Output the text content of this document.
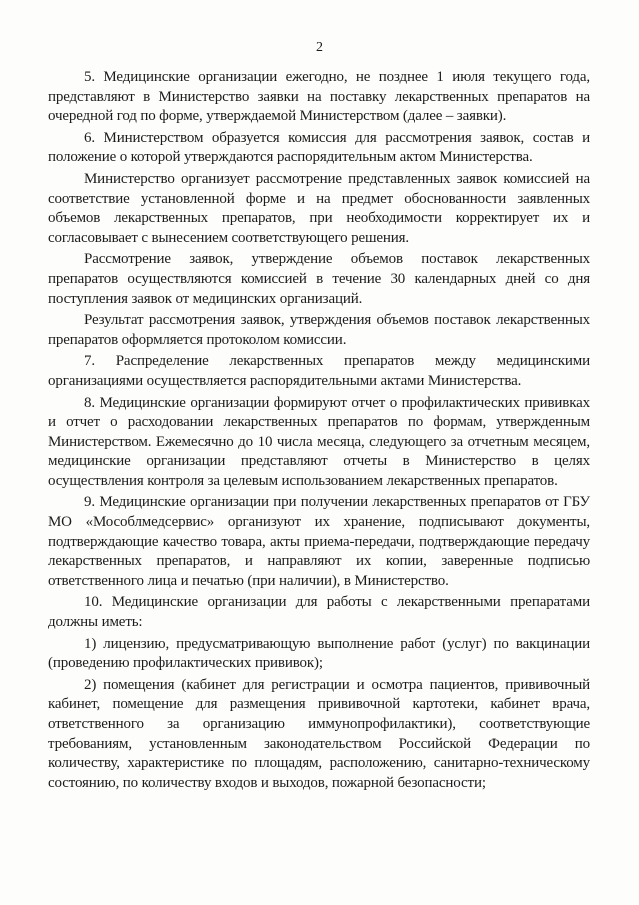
2

5. Медицинские организации ежегодно, не позднее 1 июля текущего года, представляют в Министерство заявки на поставку лекарственных препаратов на очередной год по форме, утверждаемой Министерством (далее – заявки).

6. Министерством образуется комиссия для рассмотрения заявок, состав и положение о которой утверждаются распорядительным актом Министерства.

Министерство организует рассмотрение представленных заявок комиссией на соответствие установленной форме и на предмет обоснованности заявленных объемов лекарственных препаратов, при необходимости корректирует их и согласовывает с вынесением соответствующего решения.

Рассмотрение заявок, утверждение объемов поставок лекарственных препаратов осуществляются комиссией в течение 30 календарных дней со дня поступления заявок от медицинских организаций.

Результат рассмотрения заявок, утверждения объемов поставок лекарственных препаратов оформляется протоколом комиссии.

7. Распределение лекарственных препаратов между медицинскими организациями осуществляется распорядительными актами Министерства.

8. Медицинские организации формируют отчет о профилактических прививках и отчет о расходовании лекарственных препаратов по формам, утвержденным Министерством. Ежемесячно до 10 числа месяца, следующего за отчетным месяцем, медицинские организации представляют отчеты в Министерство в целях осуществления контроля за целевым использованием лекарственных препаратов.

9. Медицинские организации при получении лекарственных препаратов от ГБУ МО «Мособлмедсервис» организуют их хранение, подписывают документы, подтверждающие качество товара, акты приема-передачи, подтверждающие передачу лекарственных препаратов, и направляют их копии, заверенные подписью ответственного лица и печатью (при наличии), в Министерство.

10. Медицинские организации для работы с лекарственными препаратами должны иметь:

1) лицензию, предусматривающую выполнение работ (услуг) по вакцинации (проведению профилактических прививок);

2) помещения (кабинет для регистрации и осмотра пациентов, прививочный кабинет, помещение для размещения прививочной картотеки, кабинет врача, ответственного за организацию иммунопрофилактики), соответствующие требованиям, установленным законодательством Российской Федерации по количеству, характеристике по площадям, расположению, санитарно-техническому состоянию, по количеству входов и выходов, пожарной безопасности;
